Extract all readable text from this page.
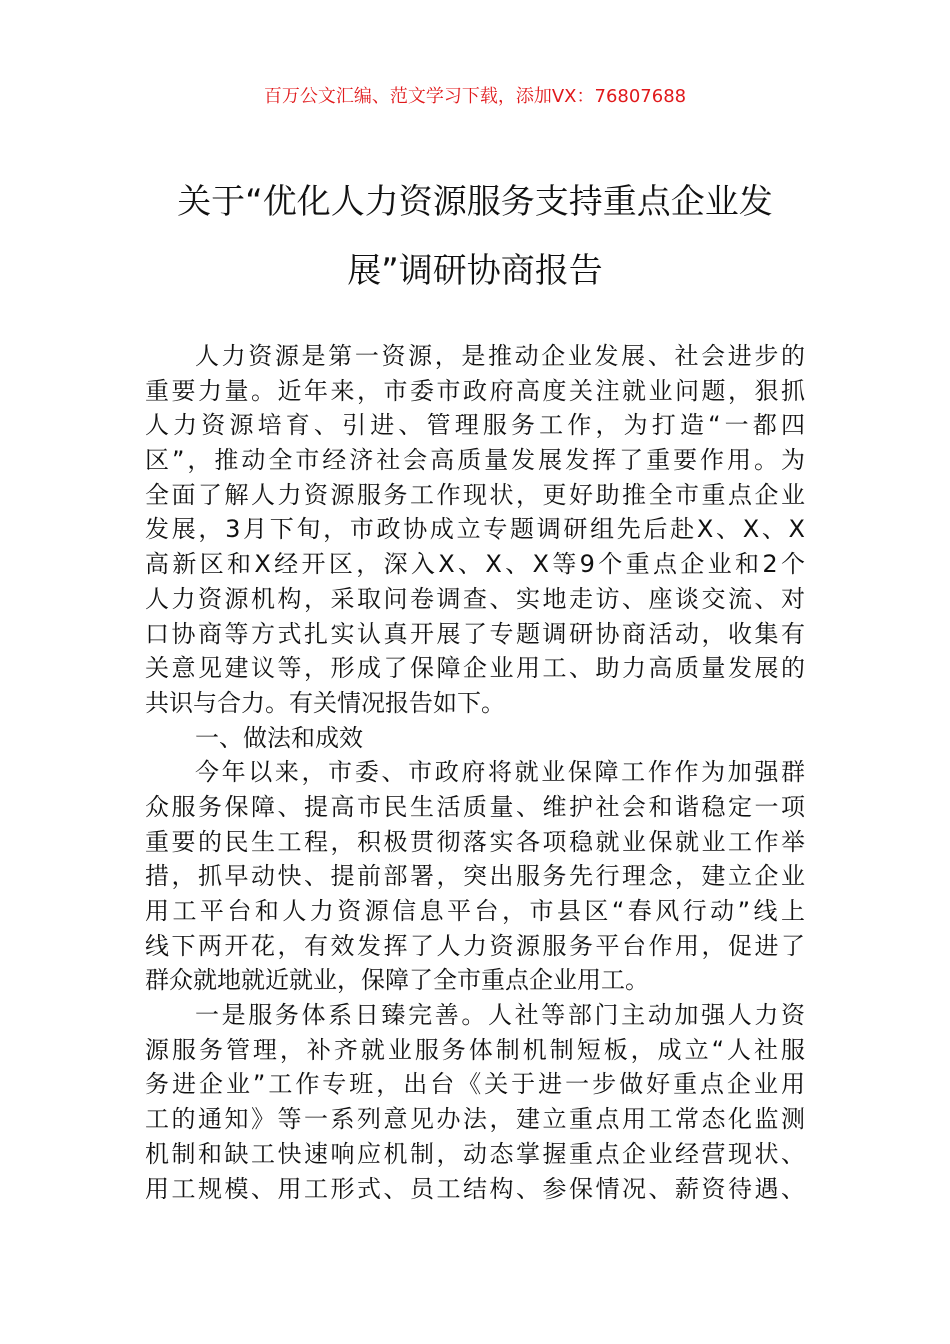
百万公文汇编、范文学习下载，添加VX：76807688
关于“优化人力资源服务支持重点企业发
展”调研协商报告
人力资源是第一资源，是推动企业发展、社会进步的
重要力量。近年来，市委市政府高度关注就业问题，狠抓
人力资源培育、引进、管理服务工作，为打造“一都四
区”，推动全市经济社会高质量发展发挥了重要作用。为
全面了解人力资源服务工作现状，更好助推全市重点企业
发展，3月下旬，市政协成立专题调研组先后赴X、X、X
高新区和X经开区，深入X、X、X等9个重点企业和2个
人力资源机构，采取问卷调查、实地走访、座谈交流、对
口协商等方式扎实认真开展了专题调研协商活动，收集有
关意见建议等，形成了保障企业用工、助力高质量发展的
共识与合力。有关情况报告如下。
一、做法和成效
今年以来，市委、市政府将就业保障工作作为加强群
众服务保障、提高市民生活质量、维护社会和谐稳定一项
重要的民生工程，积极贯彻落实各项稳就业保就业工作举
措，抓早动快、提前部署，突出服务先行理念，建立企业
用工平台和人力资源信息平台，市县区“春风行动”线上
线下两开花，有效发挥了人力资源服务平台作用，促进了
群众就地就近就业，保障了全市重点企业用工。
一是服务体系日臻完善。人社等部门主动加强人力资
源服务管理，补齐就业服务体制机制短板，成立“人社服
务进企业”工作专班，出台《关于进一步做好重点企业用
工的通知》等一系列意见办法，建立重点用工常态化监测
机制和缺工快速响应机制，动态掌握重点企业经营现状、
用工规模、用工形式、员工结构、参保情况、薪资待遇、
